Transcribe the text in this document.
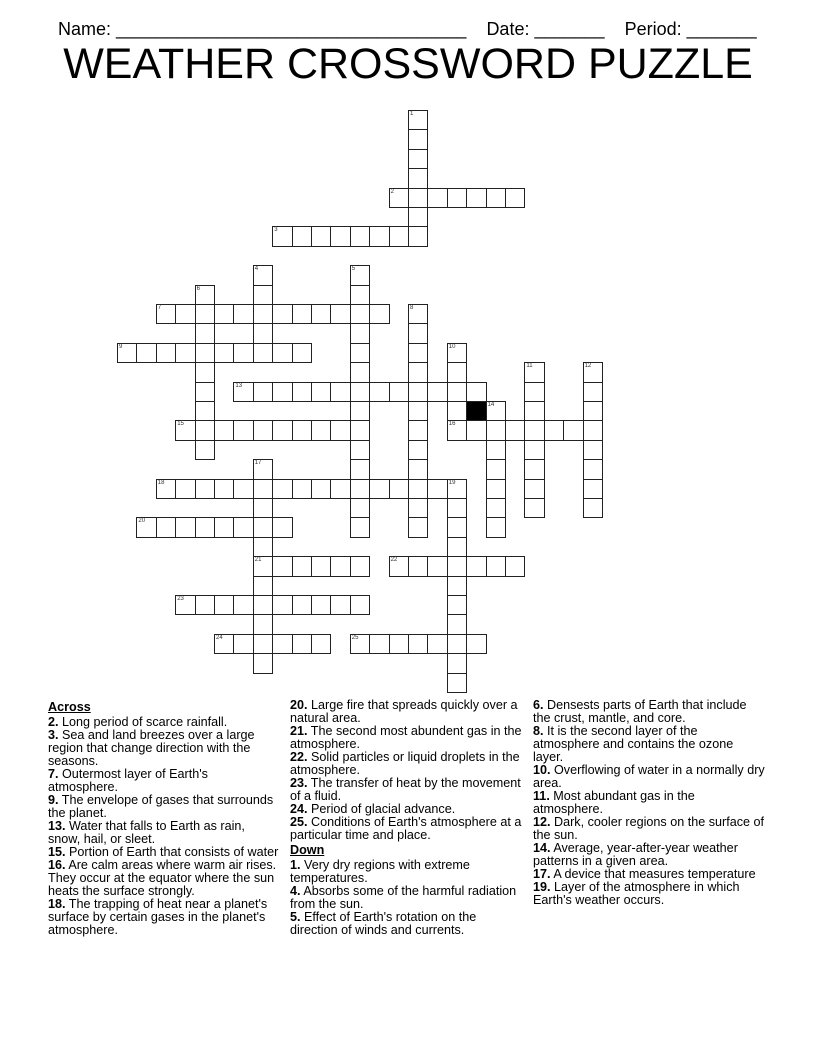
Name: ___________________________________ Date: _______ Period: _______

WEATHER CROSSWORD PUZZLE
1
2
3
4	5
6
7	8
9	10
16
11	12
13
14
15
17
21
18	19
20
22
23
24	25
Across
2. Long period of scarce rainfall.
3. Sea and land breezes over a large region that change direction with the seasons.
7. Outermost layer of Earth's atmosphere.
9. The envelope of gases that surrounds the planet.
13. Water that falls to Earth as rain, snow, hail, or sleet.
15. Portion of Earth that consists of water
16. Are calm areas where warm air rises. They occur at the equator where the sun heats the surface strongly.
18. The trapping of heat near a planet's surface by certain gases in the planet's atmosphere.
20. Large fire that spreads quickly over a natural area.
21. The second most abundent gas in the atmosphere.
22. Solid particles or liquid droplets in the atmosphere.
23. The transfer of heat by the movement of a fluid.
24. Period of glacial advance.
25. Conditions of Earth's atmosphere at a particular time and place.
Down
1. Very dry regions with extreme temperatures.
4. Absorbs some of the harmful radiation from the sun.
5. Effect of Earth's rotation on the direction of winds and currents.
6. Densests parts of Earth that include the crust, mantle, and core.
8. It is the second layer of the atmosphere and contains the ozone layer.
10. Overflowing of water in a normally dry area.
11. Most abundant gas in the atmosphere.
12. Dark, cooler regions on the surface of the sun.
14. Average, year-after-year weather patterns in a given area.
17. A device that measures temperature
19. Layer of the atmosphere in which Earth's weather occurs.
